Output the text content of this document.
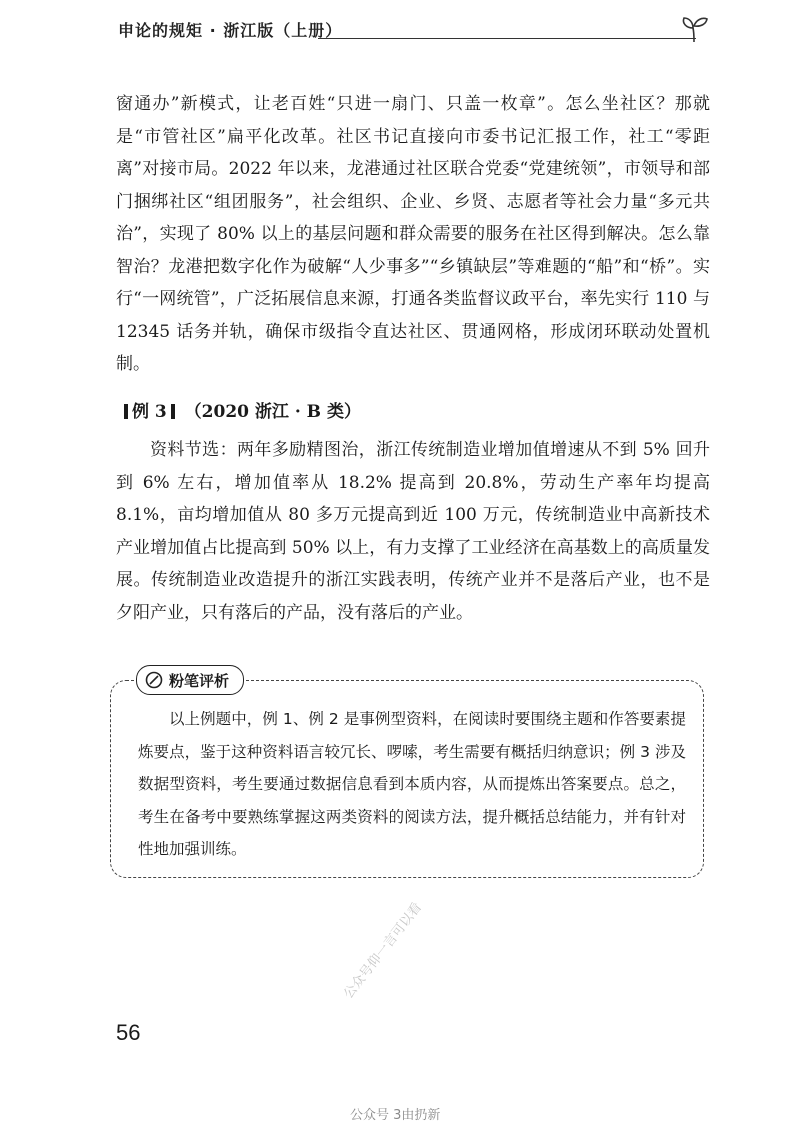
申论的规矩 · 浙江版（上册）

窗通办”新模式，让老百姓“只进一扇门、只盖一枚章”。怎么坐社区？那就是“市管社区”扁平化改革。社区书记直接向市委书记汇报工作，社工“零距离”对接市局。2022 年以来，龙港通过社区联合党委“党建统领”，市领导和部门捆绑社区“组团服务”，社会组织、企业、乡贤、志愿者等社会力量“多元共治”，实现了 80% 以上的基层问题和群众需要的服务在社区得到解决。怎么靠智治？龙港把数字化作为破解“人少事多”“乡镇缺层”等难题的“船”和“桥”。实行“一网统管”，广泛拓展信息来源，打通各类监督议政平台，率先实行 110 与 12345 话务并轨，确保市级指令直达社区、贯通网格，形成闭环联动处置机制。

例 3 （2020 浙江 · B 类）

资料节选：两年多励精图治，浙江传统制造业增加值增速从不到 5% 回升到 6% 左右，增加值率从 18.2% 提高到 20.8%，劳动生产率年均提高 8.1%，亩均增加值从 80 多万元提高到近 100 万元，传统制造业中高新技术产业增加值占比提高到 50% 以上，有力支撑了工业经济在高基数上的高质量发展。传统制造业改造提升的浙江实践表明，传统产业并不是落后产业，也不是夕阳产业，只有落后的产品，没有落后的产业。

粉笔评析

以上例题中，例 1、例 2 是事例型资料，在阅读时要围绕主题和作答要素提炼要点，鉴于这种资料语言较冗长、啰嗦，考生需要有概括归纳意识；例 3 涉及数据型资料，考生要通过数据信息看到本质内容，从而提炼出答案要点。总之，考生在备考中要熟练掌握这两类资料的阅读方法，提升概括总结能力，并有针对性地加强训练。

公众号仰一言可以看
56
公众号 3由扔新
